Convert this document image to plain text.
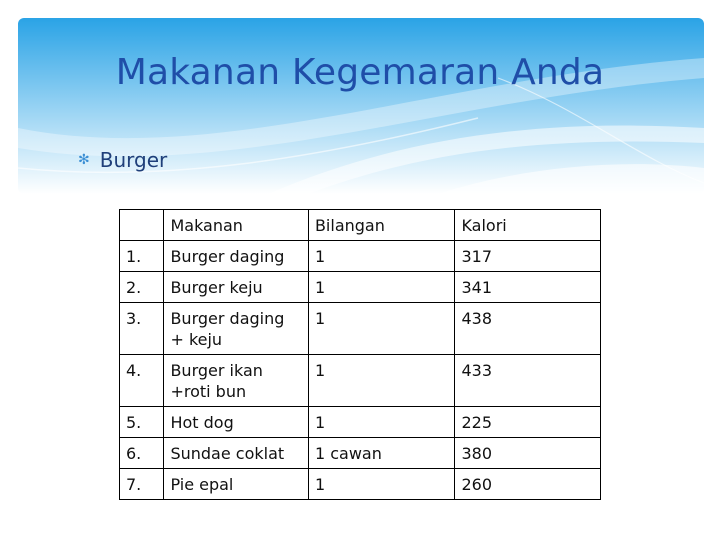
Makanan Kegemaran Anda
✻ Burger
	Makanan	Bilangan	Kalori
1.	Burger daging	1	317
2.	Burger keju	1	341
3.	Burger daging + keju	1	438
4.	Burger ikan +roti bun	1	433
5.	Hot dog	1	225
6.	Sundae coklat	1 cawan	380
7.	Pie epal	1	260
